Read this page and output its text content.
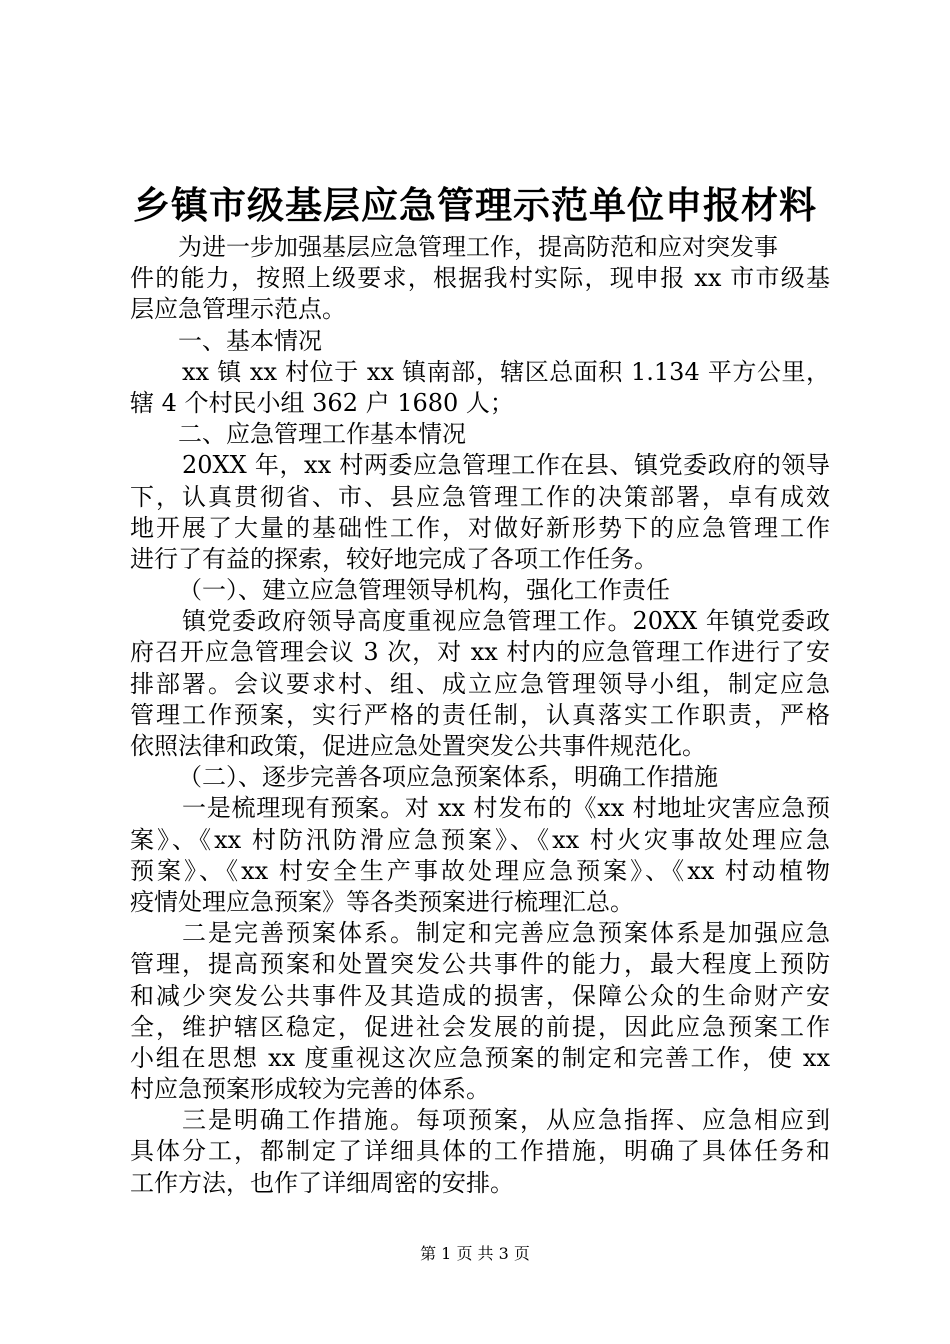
乡镇市级基层应急管理示范单位申报材料
为进一步加强基层应急管理工作，提高防范和应对突发事
件的能力，按照上级要求，根据我村实际，现申报 xx 市市级基
层应急管理示范点。
一、基本情况
xx 镇 xx 村位于 xx 镇南部，辖区总面积 1.134 平方公里，
辖 4 个村民小组 362 户 1680 人；
二、应急管理工作基本情况
20XX 年，xx 村两委应急管理工作在县、镇党委政府的领导
下，认真贯彻省、市、县应急管理工作的决策部署，卓有成效
地开展了大量的基础性工作，对做好新形势下的应急管理工作
进行了有益的探索，较好地完成了各项工作任务。
（一）、建立应急管理领导机构，强化工作责任
镇党委政府领导高度重视应急管理工作。20XX 年镇党委政
府召开应急管理会议 3 次，对 xx 村内的应急管理工作进行了安
排部署。会议要求村、组、成立应急管理领导小组，制定应急
管理工作预案，实行严格的责任制，认真落实工作职责，严格
依照法律和政策，促进应急处置突发公共事件规范化。
（二）、逐步完善各项应急预案体系，明确工作措施
一是梳理现有预案。对 xx 村发布的《xx 村地址灾害应急预
案》、《xx 村防汛防滑应急预案》、《xx 村火灾事故处理应急
预案》、《xx 村安全生产事故处理应急预案》、《xx 村动植物
疫情处理应急预案》等各类预案进行梳理汇总。
二是完善预案体系。制定和完善应急预案体系是加强应急
管理，提高预案和处置突发公共事件的能力，最大程度上预防
和减少突发公共事件及其造成的损害，保障公众的生命财产安
全，维护辖区稳定，促进社会发展的前提，因此应急预案工作
小组在思想 xx 度重视这次应急预案的制定和完善工作，使 xx
村应急预案形成较为完善的体系。
三是明确工作措施。每项预案，从应急指挥、应急相应到
具体分工，都制定了详细具体的工作措施，明确了具体任务和
工作方法，也作了详细周密的安排。
第 1 页 共 3 页
